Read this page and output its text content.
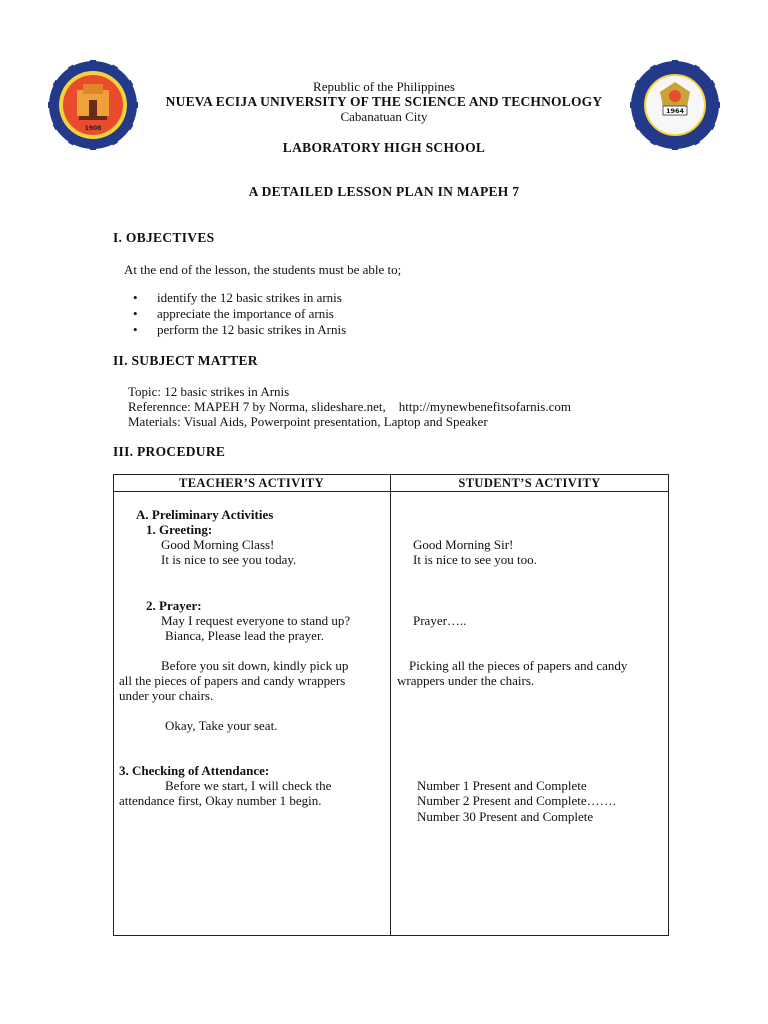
1908
1964
Republic of the Philippines
NUEVA ECIJA UNIVERSITY OF THE SCIENCE AND TECHNOLOGY
Cabanatuan City
LABORATORY HIGH SCHOOL
A DETAILED LESSON PLAN IN MAPEH 7
I. OBJECTIVES
At the end of the lesson, the students must be able to;
• identify the 12 basic strikes in arnis
• appreciate the importance of arnis
• perform the 12 basic strikes in Arnis
II. SUBJECT MATTER
Topic: 12 basic strikes in Arnis
Referennce: MAPEH 7 by Norma, slideshare.net,    http://mynewbenefitsofarnis.com
Materials: Visual Aids, Powerpoint presentation, Laptop and Speaker
III. PROCEDURE
TEACHER’S ACTIVITY	STUDENT’S ACTIVITY
A. Preliminary Activities
1. Greeting:
Good Morning Class!
It is nice to see you today.
2. Prayer:
May I request everyone to stand up?
Bianca, Please lead the prayer.
Before you sit down, kindly pick up
all the pieces of papers and candy wrappers
under your chairs.
Okay, Take your seat.
3. Checking of Attendance:
Before we start, I will check the
attendance first, Okay number 1 begin.
Good Morning Sir!
It is nice to see you too.
Prayer…..
Picking all the pieces of papers and candy
wrappers under the chairs.
Number 1 Present and Complete
Number 2 Present and Complete…….
Number 30 Present and Complete
